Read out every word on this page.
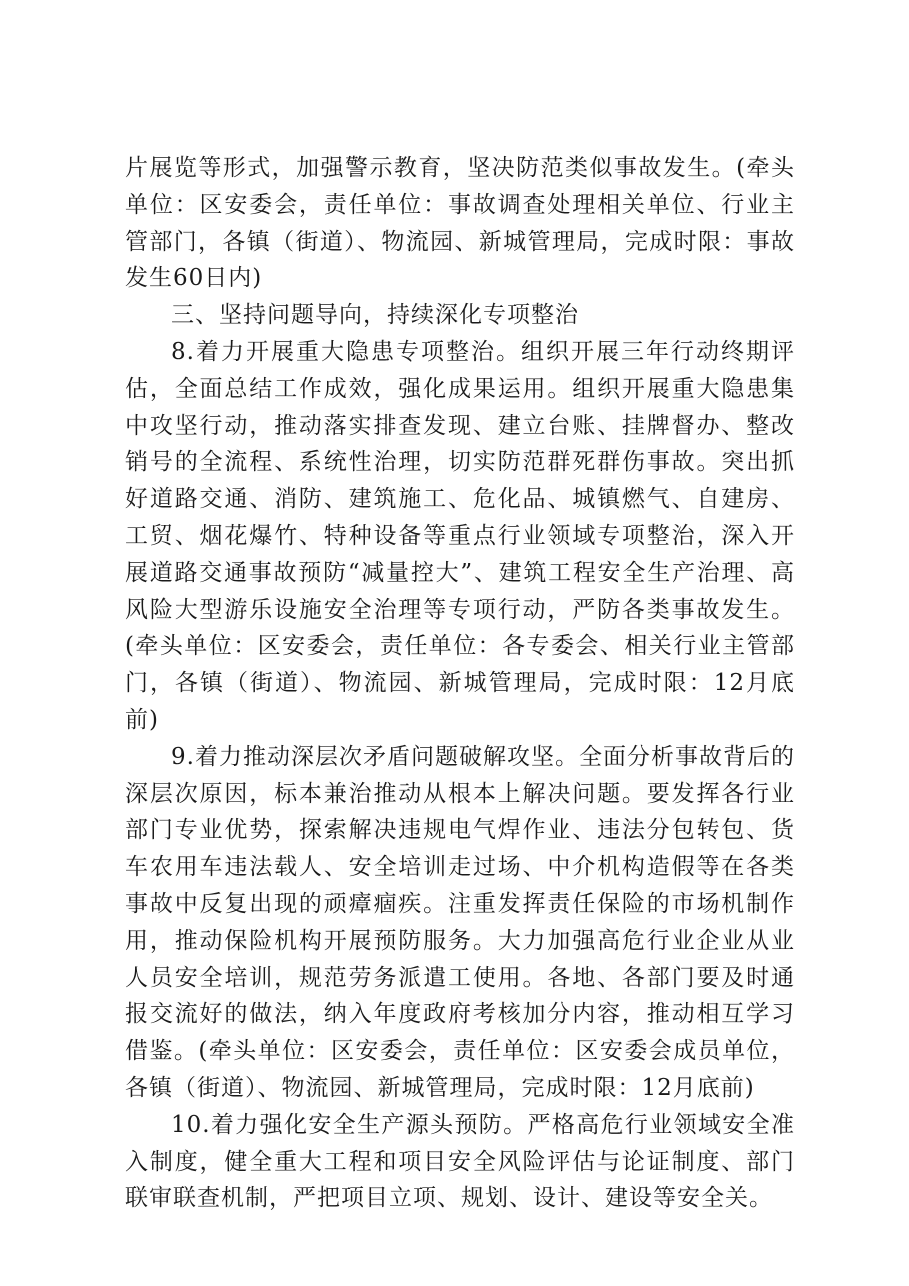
片展览等形式，加强警示教育，坚决防范类似事故发生。(牵头单位：区安委会，责任单位：事故调查处理相关单位、行业主管部门，各镇（街道）、物流园、新城管理局，完成时限：事故发生60日内)

三、坚持问题导向，持续深化专项整治

8.着力开展重大隐患专项整治。组织开展三年行动终期评估，全面总结工作成效，强化成果运用。组织开展重大隐患集中攻坚行动，推动落实排查发现、建立台账、挂牌督办、整改销号的全流程、系统性治理，切实防范群死群伤事故。突出抓好道路交通、消防、建筑施工、危化品、城镇燃气、自建房、工贸、烟花爆竹、特种设备等重点行业领域专项整治，深入开展道路交通事故预防“减量控大”、建筑工程安全生产治理、高风险大型游乐设施安全治理等专项行动，严防各类事故发生。(牵头单位：区安委会，责任单位：各专委会、相关行业主管部门，各镇（街道）、物流园、新城管理局，完成时限：12月底前)

9.着力推动深层次矛盾问题破解攻坚。全面分析事故背后的深层次原因，标本兼治推动从根本上解决问题。要发挥各行业部门专业优势，探索解决违规电气焊作业、违法分包转包、货车农用车违法载人、安全培训走过场、中介机构造假等在各类事故中反复出现的顽瘴痼疾。注重发挥责任保险的市场机制作用，推动保险机构开展预防服务。大力加强高危行业企业从业人员安全培训，规范劳务派遣工使用。各地、各部门要及时通报交流好的做法，纳入年度政府考核加分内容，推动相互学习借鉴。(牵头单位：区安委会，责任单位：区安委会成员单位，各镇（街道）、物流园、新城管理局，完成时限：12月底前)

10.着力强化安全生产源头预防。严格高危行业领域安全准入制度，健全重大工程和项目安全风险评估与论证制度、部门联审联查机制，严把项目立项、规划、设计、建设等安全关。
